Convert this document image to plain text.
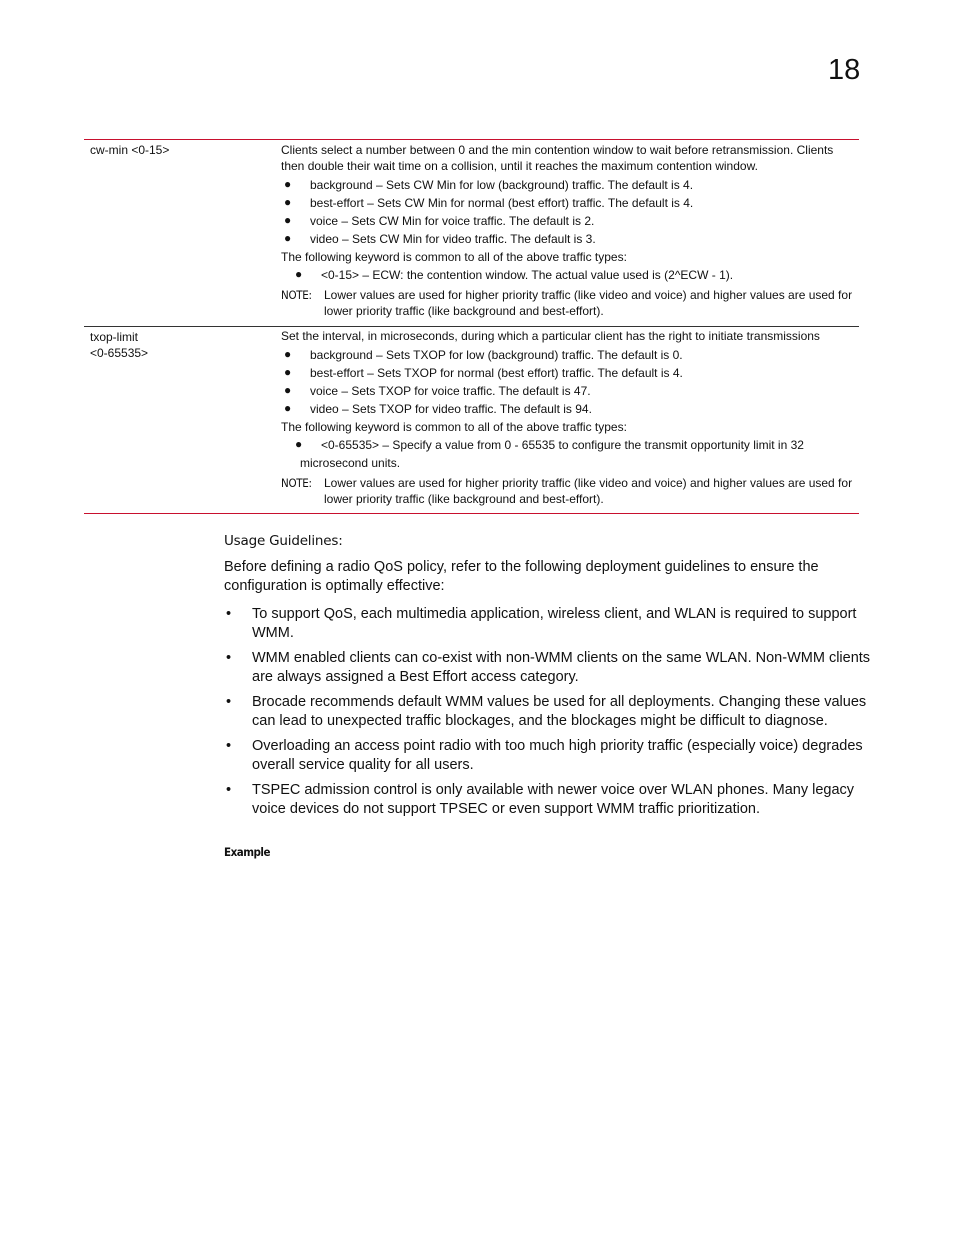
18
cw-min <0-15>	Clients select a number between 0 and the min contention window to wait before retransmission. Clients then double their wait time on a collision, until it reaches the maximum contention window.

● background – Sets CW Min for low (background) traffic. The default is 4.
● best-effort – Sets CW Min for normal (best effort) traffic. The default is 4.
● voice – Sets CW Min for voice traffic. The default is 2.
● video – Sets CW Min for video traffic. The default is 3.

The following keyword is common to all of the above traffic types:

● <0-15> – ECW: the contention window. The actual value used is (2^ECW - 1).
NOTE: Lower values are used for higher priority traffic (like video and voice) and higher values are used for lower priority traffic (like background and best-effort).
txop-limit
<0-65535>

Set the interval, in microseconds, during which a particular client has the right to initiate transmissions

● background – Sets TXOP for low (background) traffic. The default is 0.
● best-effort – Sets TXOP for normal (best effort) traffic. The default is 4.
● voice – Sets TXOP for voice traffic. The default is 47.
● video – Sets TXOP for video traffic. The default is 94.

The following keyword is common to all of the above traffic types:

● <0-65535> – Specify a value from 0 - 65535 to configure the transmit opportunity limit in 32 microsecond units.
NOTE: Lower values are used for higher priority traffic (like video and voice) and higher values are used for lower priority traffic (like background and best-effort).

Usage Guidelines:

Before defining a radio QoS policy, refer to the following deployment guidelines to ensure the configuration is optimally effective:

• To support QoS, each multimedia application, wireless client, and WLAN is required to support WMM.
• WMM enabled clients can co-exist with non-WMM clients on the same WLAN. Non-WMM clients are always assigned a Best Effort access category.
• Brocade recommends default WMM values be used for all deployments. Changing these values can lead to unexpected traffic blockages, and the blockages might be difficult to diagnose.
• Overloading an access point radio with too much high priority traffic (especially voice) degrades overall service quality for all users.
• TSPEC admission control is only available with newer voice over WLAN phones. Many legacy voice devices do not support TPSEC or even support WMM traffic prioritization.
Example
